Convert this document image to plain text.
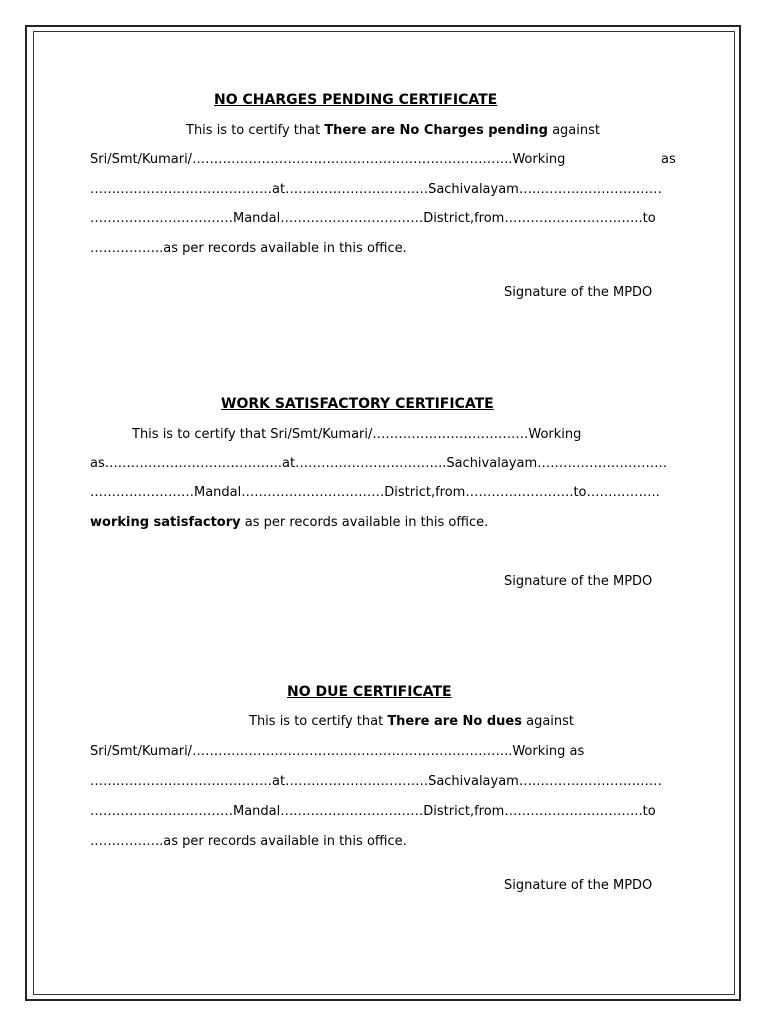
NO CHARGES PENDING CERTIFICATE
This is to certify that There are No Charges pending against
Sri/Smt/Kumari/………………………………………………………………..Working	as
……………………………………at……………………………Sachivalayam……………………………
……………………………Mandal……………………………District,from…………………………..to
……………..as per records available in this office.
Signature of the MPDO
WORK SATISFACTORY CERTIFICATE
This is to certify that Sri/Smt/Kumari/………………………………Working
as…………………………………..at……………………………..Sachivalayam…………………………
……………………Mandal……………………………District,from…………………….to……………..
working satisfactory as per records available in this office.
Signature of the MPDO
NO DUE CERTIFICATE
This is to certify that There are No dues against
Sri/Smt/Kumari/………………………………………………………………..Working as
……………………………………at……………………………Sachivalayam……………………………
……………………………Mandal……………………………District,from…………………………..to
……………..as per records available in this office.
Signature of the MPDO
